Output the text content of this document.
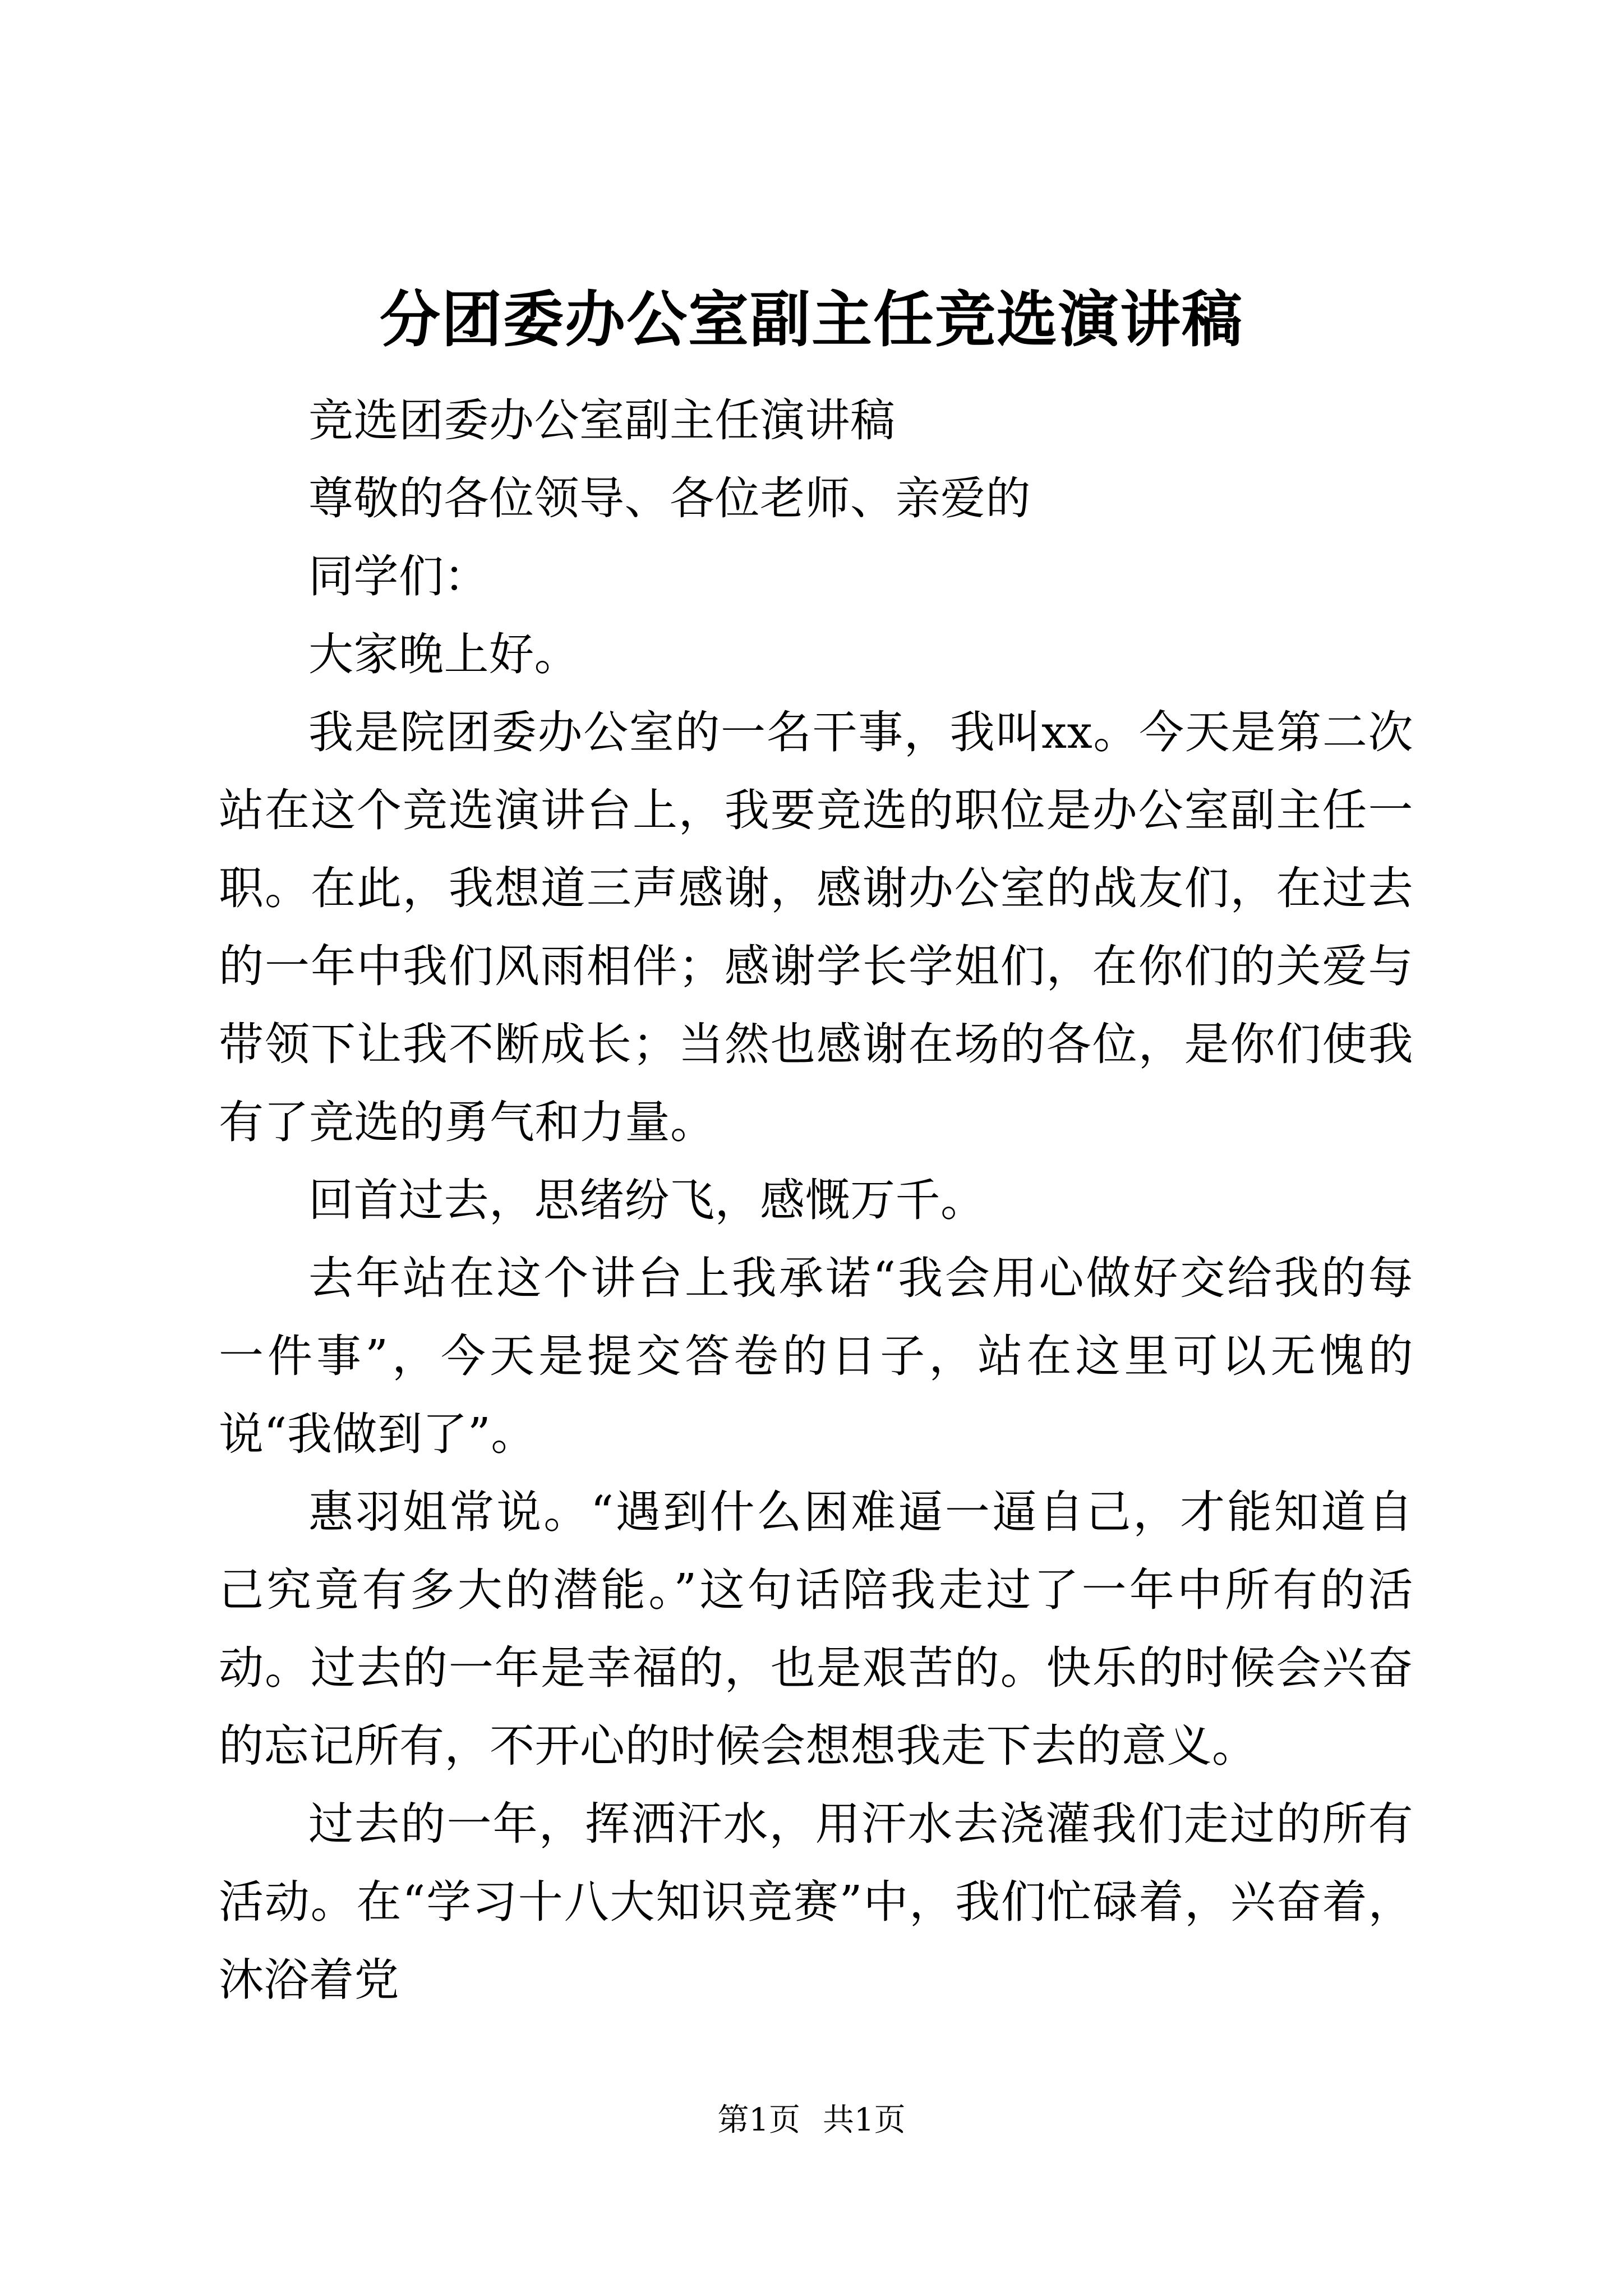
分团委办公室副主任竞选演讲稿

竞选团委办公室副主任演讲稿

尊敬的各位领导、各位老师、亲爱的

同学们：

大家晚上好。

我是院团委办公室的一名干事，我叫xx。今天是第二次站在这个竞选演讲台上，我要竞选的职位是办公室副主任一职。在此，我想道三声感谢，感谢办公室的战友们，在过去的一年中我们风雨相伴；感谢学长学姐们，在你们的关爱与带领下让我不断成长；当然也感谢在场的各位，是你们使我有了竞选的勇气和力量。

回首过去，思绪纷飞，感慨万千。

去年站在这个讲台上我承诺“我会用心做好交给我的每一件事”，今天是提交答卷的日子，站在这里可以无愧的说“我做到了”。

惠羽姐常说。“遇到什么困难逼一逼自己，才能知道自己究竟有多大的潜能。”这句话陪我走过了一年中所有的活动。过去的一年是幸福的，也是艰苦的。快乐的时候会兴奋的忘记所有，不开心的时候会想想我走下去的意义。

过去的一年，挥洒汗水，用汗水去浇灌我们走过的所有活动。在“学习十八大知识竞赛”中，我们忙碌着，兴奋着，沐浴着党

第1页 共1页
